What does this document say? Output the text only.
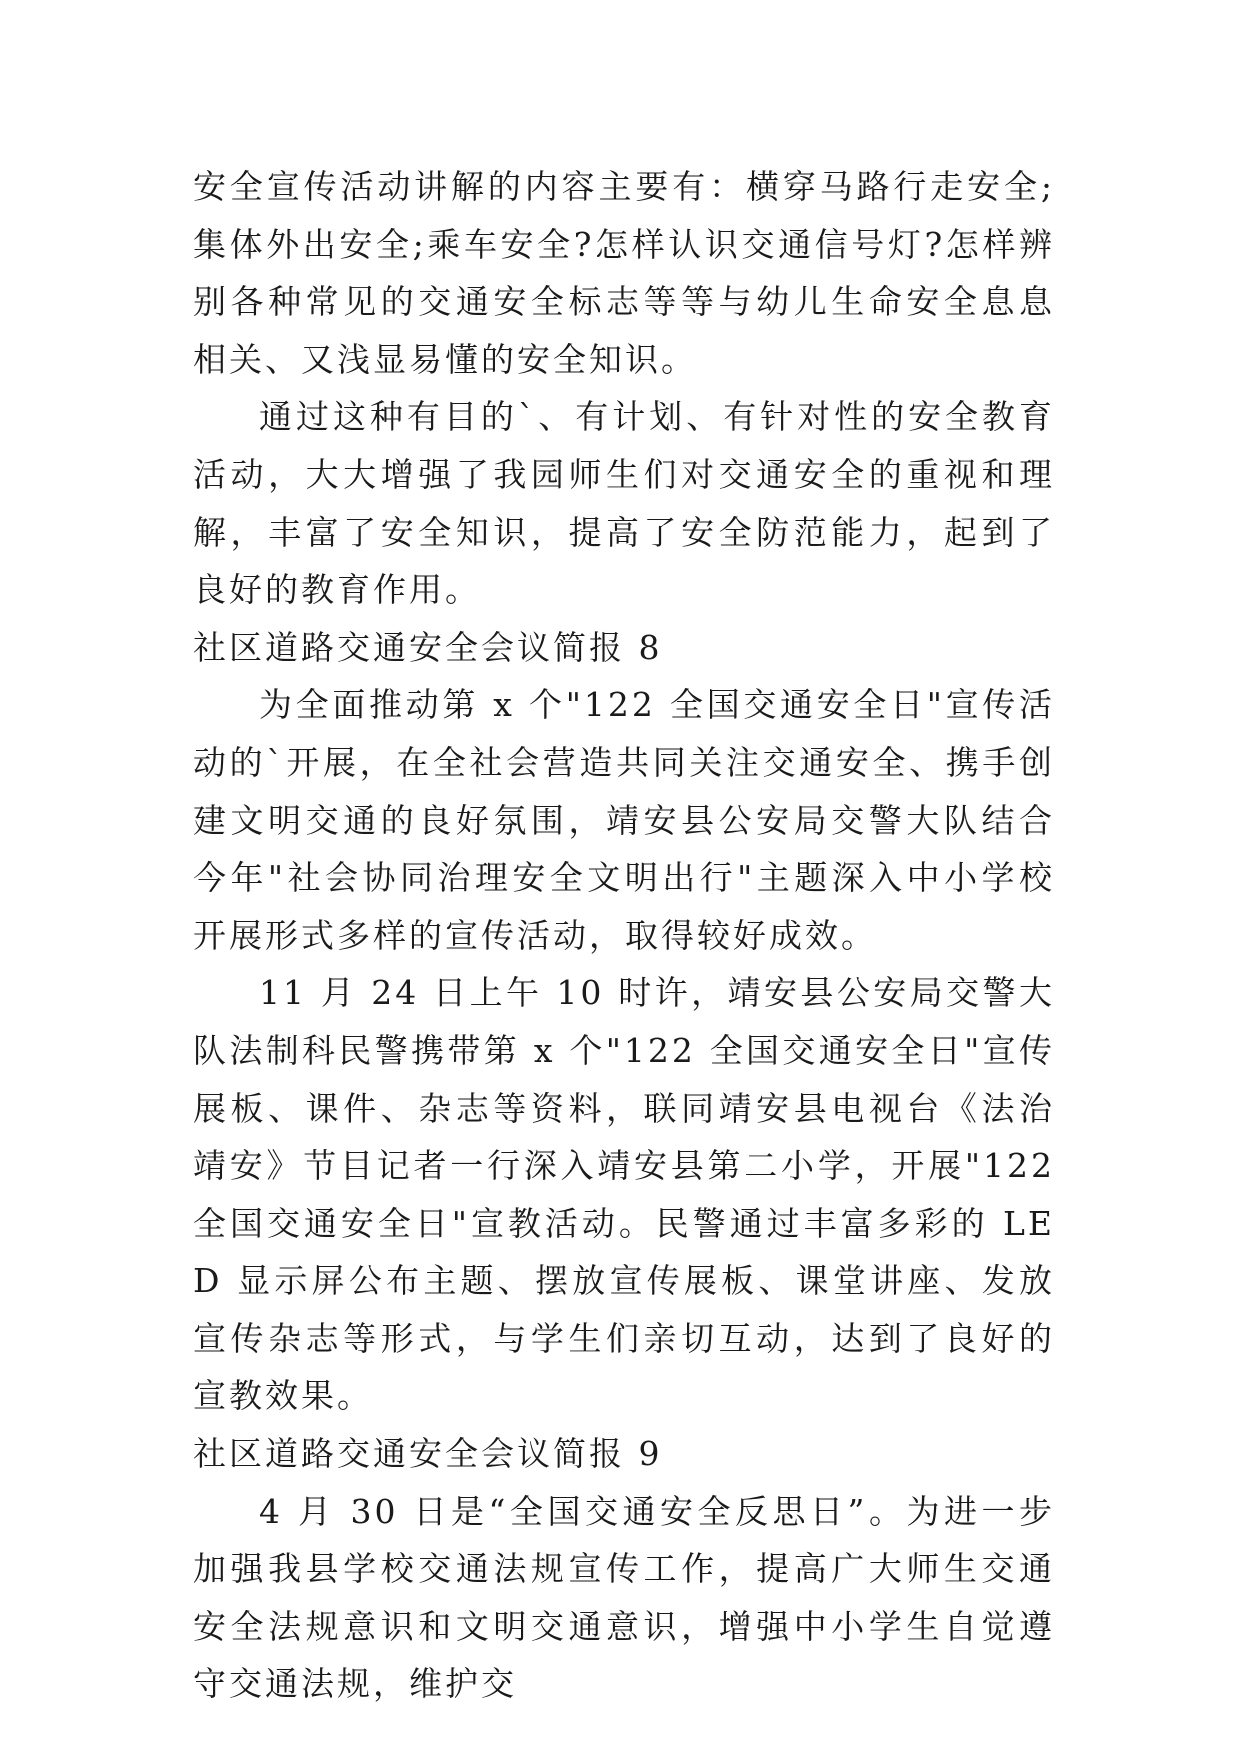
安全宣传活动讲解的内容主要有：横穿马路行走安全;集体外出安全;乘车安全?怎样认识交通信号灯?怎样辨别各种常见的交通安全标志等等与幼儿生命安全息息相关、又浅显易懂的安全知识。

通过这种有目的`、有计划、有针对性的安全教育活动，大大增强了我园师生们对交通安全的重视和理解，丰富了安全知识，提高了安全防范能力，起到了良好的教育作用。

社区道路交通安全会议简报 8

为全面推动第 x 个"122 全国交通安全日"宣传活动的`开展，在全社会营造共同关注交通安全、携手创建文明交通的良好氛围，靖安县公安局交警大队结合今年"社会协同治理安全文明出行"主题深入中小学校开展形式多样的宣传活动，取得较好成效。

11 月 24 日上午 10 时许，靖安县公安局交警大队法制科民警携带第 x 个"122 全国交通安全日"宣传展板、课件、杂志等资料，联同靖安县电视台《法治靖安》节目记者一行深入靖安县第二小学，开展"122 全国交通安全日"宣教活动。民警通过丰富多彩的 LED 显示屏公布主题、摆放宣传展板、课堂讲座、发放宣传杂志等形式，与学生们亲切互动，达到了良好的宣教效果。

社区道路交通安全会议简报 9

4 月 30 日是“全国交通安全反思日”。为进一步加强我县学校交通法规宣传工作，提高广大师生交通安全法规意识和文明交通意识，增强中小学生自觉遵守交通法规，维护交
